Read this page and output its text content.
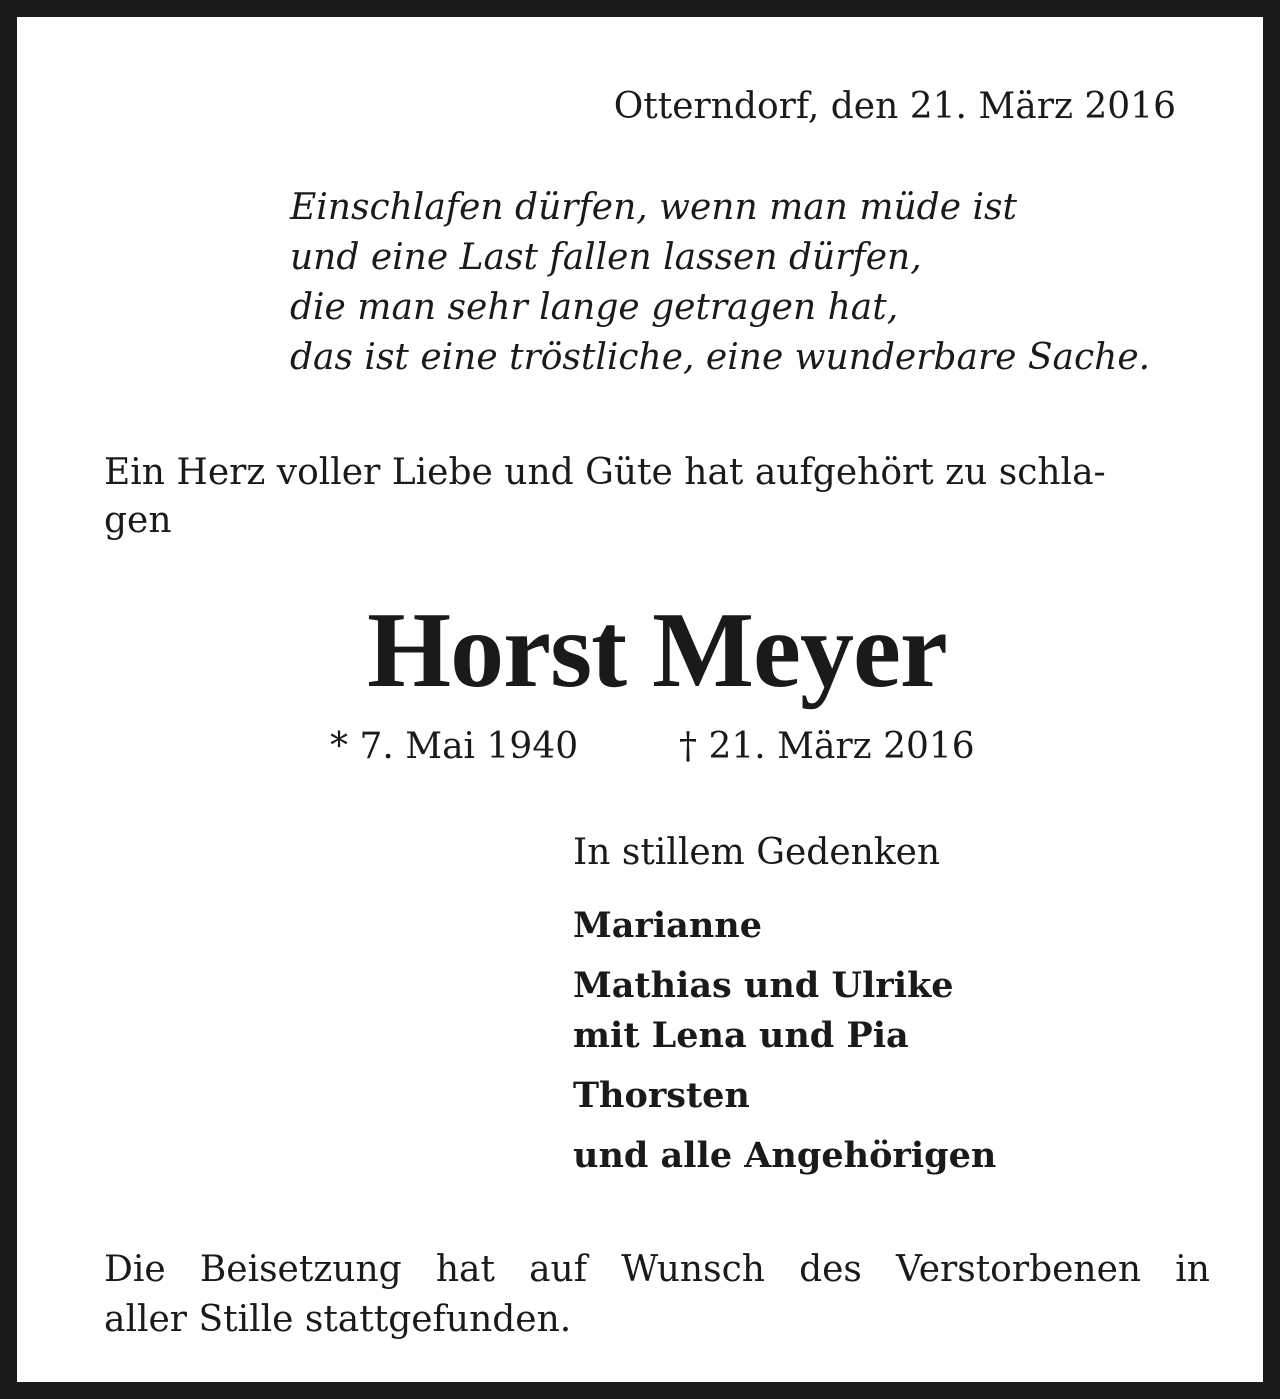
Otterndorf, den 21. März 2016

Einschlafen dürfen, wenn man müde ist
und eine Last fallen lassen dürfen,
die man sehr lange getragen hat,
das ist eine tröstliche, eine wunderbare Sache.
Ein Herz voller Liebe und Güte hat aufgehört zu schla-
gen
Horst Meyer
* 7. Mai 1940	† 21. März 2016
In stillem Gedenken
Marianne
Mathias und Ulrike
mit Lena und Pia
Thorsten
und alle Angehörigen
Die Beisetzung hat auf Wunsch des Verstorbenen in
aller Stille stattgefunden.
